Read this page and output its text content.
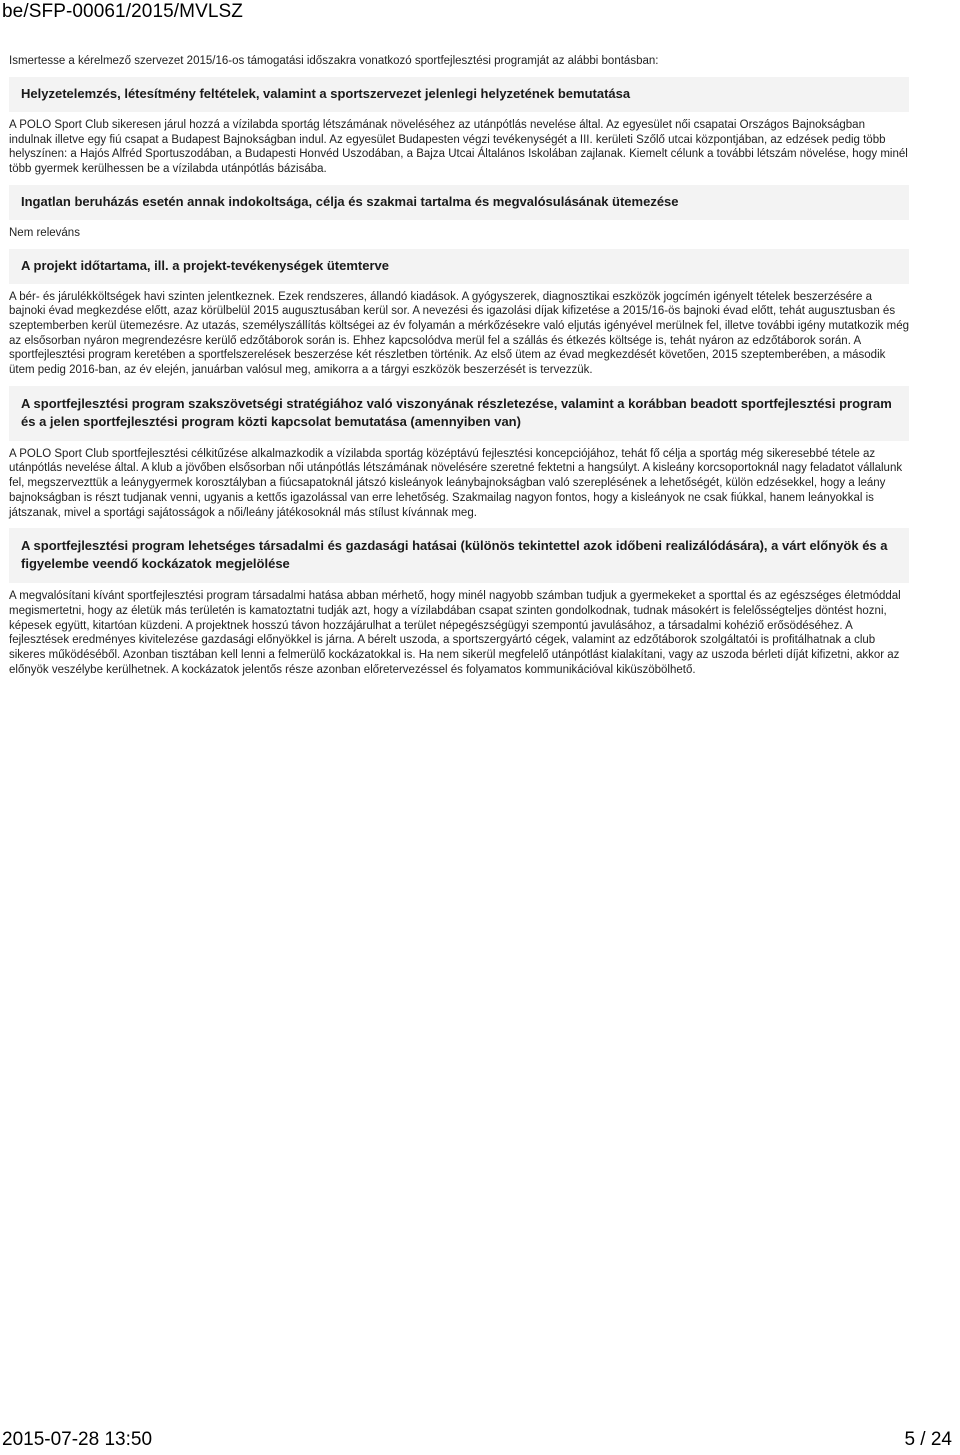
be/SFP-00061/2015/MVLSZ

Ismertesse a kérelmező szervezet 2015/16-os támogatási időszakra vonatkozó sportfejlesztési programját az alábbi bontásban:

Helyzetelemzés, létesítmény feltételek, valamint a sportszervezet jelenlegi helyzetének bemutatása

A POLO Sport Club sikeresen járul hozzá a vízilabda sportág létszámának növeléséhez az utánpótlás nevelése által. Az egyesület női csapatai Országos Bajnokságban indulnak illetve egy fiú csapat a Budapest Bajnokságban indul. Az egyesület Budapesten végzi tevékenységét a III. kerületi Szőlő utcai központjában, az edzések pedig több helyszínen: a Hajós Alfréd Sportuszodában, a Budapesti Honvéd Uszodában, a Bajza Utcai Általános Iskolában zajlanak. Kiemelt célunk a további létszám növelése, hogy minél több gyermek kerülhessen be a vízilabda utánpótlás bázisába.

Ingatlan beruházás esetén annak indokoltsága, célja és szakmai tartalma és megvalósulásának ütemezése

Nem releváns

A projekt időtartama, ill. a projekt-tevékenységek ütemterve

A bér- és járulékköltségek havi szinten jelentkeznek. Ezek rendszeres, állandó kiadások. A gyógyszerek, diagnosztikai eszközök jogcímén igényelt tételek beszerzésére a bajnoki évad megkezdése előtt, azaz körülbelül 2015 augusztusában kerül sor. A nevezési és igazolási díjak kifizetése a 2015/16-ös bajnoki évad előtt, tehát augusztusban és szeptemberben kerül ütemezésre. Az utazás, személyszállítás költségei az év folyamán a mérkőzésekre való eljutás igényével merülnek fel, illetve további igény mutatkozik még az elsősorban nyáron megrendezésre kerülő edzőtáborok során is. Ehhez kapcsolódva merül fel a szállás és étkezés költsége is, tehát nyáron az edzőtáborok során. A sportfejlesztési program keretében a sportfelszerelések beszerzése két részletben történik. Az első ütem az évad megkezdését követően, 2015 szeptemberében, a második ütem pedig 2016-ban, az év elején, januárban valósul meg, amikorra a a tárgyi eszközök beszerzését is tervezzük.

A sportfejlesztési program szakszövetségi stratégiához való viszonyának részletezése, valamint a korábban beadott sportfejlesztési program és a jelen sportfejlesztési program közti kapcsolat bemutatása (amennyiben van)

A POLO Sport Club sportfejlesztési célkitűzése alkalmazkodik a vízilabda sportág középtávú fejlesztési koncepciójához, tehát fő célja a sportág még sikeresebbé tétele az utánpótlás nevelése által. A klub a jövőben elsősorban női utánpótlás létszámának növelésére szeretné fektetni a hangsúlyt. A kisleány korcsoportoknál nagy feladatot vállalunk fel, megszervezttük a leánygyermek korosztályban a fiúcsapatoknál játszó kisleányok leánybajnokságban való szereplésének a lehetőségét, külön edzésekkel, hogy a leány bajnokságban is részt tudjanak venni, ugyanis a kettős igazolással van erre lehetőség. Szakmailag nagyon fontos, hogy a kisleányok ne csak fiúkkal, hanem leányokkal is játszanak, mivel a sportági sajátosságok a női/leány játékosoknál más stílust kívánnak meg.

A sportfejlesztési program lehetséges társadalmi és gazdasági hatásai (különös tekintettel azok időbeni realizálódására), a várt előnyök és a figyelembe veendő kockázatok megjelölése

A megvalósítani kívánt sportfejlesztési program társadalmi hatása abban mérhető, hogy minél nagyobb számban tudjuk a gyermekeket a sporttal és az egészséges életmóddal megismertetni, hogy az életük más területén is kamatoztatni tudják azt, hogy a vízilabdában csapat szinten gondolkodnak, tudnak másokért is felelősségteljes döntést hozni, képesek együtt, kitartóan küzdeni. A projektnek hosszú távon hozzájárulhat a terület népegészségügyi szempontú javulásához, a társadalmi kohéziő erősödéséhez. A fejlesztések eredményes kivitelezése gazdasági előnyökkel is járna. A bérelt uszoda, a sportszergyártó cégek, valamint az edzőtáborok szolgáltatói is profitálhatnak a club sikeres működéséből. Azonban tisztában kell lenni a felmerülő kockázatokkal is. Ha nem sikerül megfelelő utánpótlást kialakítani, vagy az uszoda bérleti díját kifizetni, akkor az előnyök veszélybe kerülhetnek. A kockázatok jelentős része azonban előretervezéssel és folyamatos kommunikációval kiküszöbölhető.

2015-07-28 13:50	5 / 24
